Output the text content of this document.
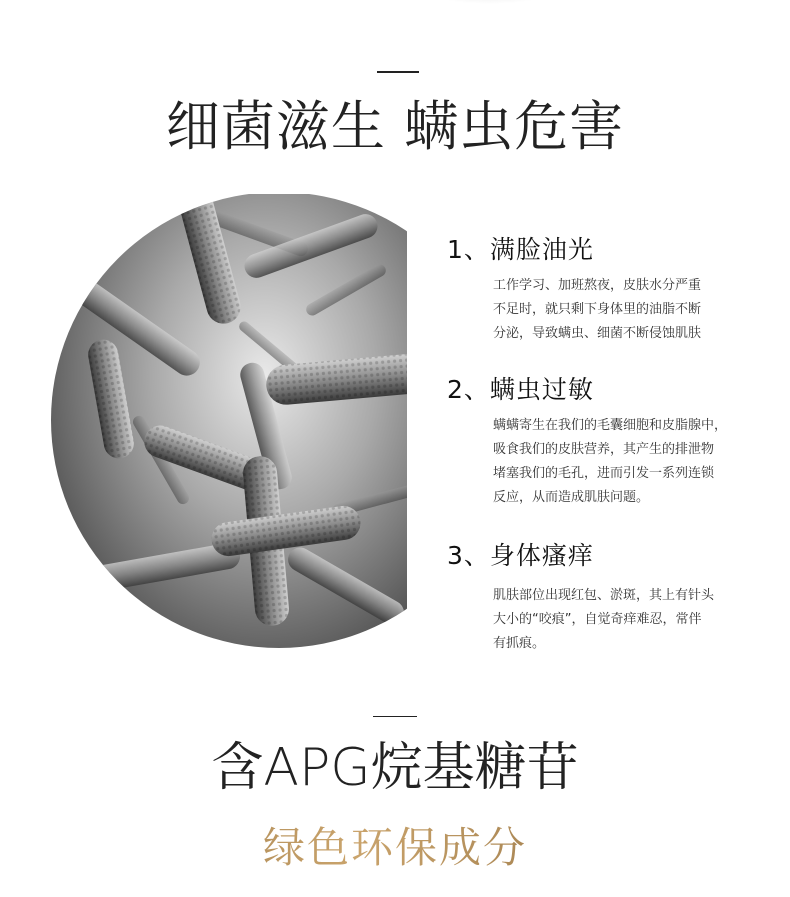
细菌滋生 螨虫危害
1、满脸油光
工作学习、加班熬夜，皮肤水分严重
不足时，就只剩下身体里的油脂不断
分泌，导致螨虫、细菌不断侵蚀肌肤
2、螨虫过敏
螨螨寄生在我们的毛囊细胞和皮脂腺中，
吸食我们的皮肤营养，其产生的排泄物
堵塞我们的毛孔，进而引发一系列连锁
反应，从而造成肌肤问题。
3、身体瘙痒
肌肤部位出现红包、淤斑，其上有针头
大小的“咬痕”，自觉奇痒难忍，常伴
有抓痕。
含APG烷基糖苷
绿色环保成分
